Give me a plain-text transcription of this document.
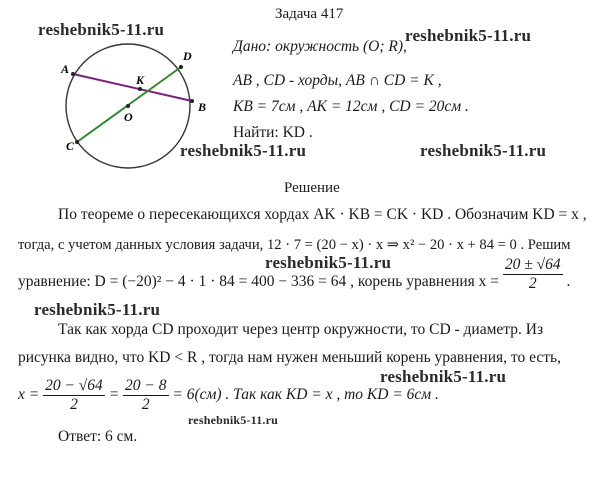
A
B
C
D
K
O
Задача 417
Дано: окружность (O; R),
AB , CD - хорды, AB ∩ CD = K ,
KB = 7см , AK = 12см , CD = 20см .
Найти: KD .
Решение
По теореме о пересекающихся хордах AK · KB = CK · KD . Обозначим KD = x ,
тогда, с учетом данных условия задачи, 12 · 7 = (20 − x) · x ⇒ x² − 20 · x + 84 = 0 . Решим
уравнение: D = (−20)² − 4 · 1 · 84 = 400 − 336 = 64 , корень уравнения $x = \frac{20 \pm √64}{2}$ .
Так как хорда CD проходит через центр окружности, то CD - диаметр. Из
рисунка видно, что KD < R , тогда нам нужен меньший корень уравнения, то есть,
$x = \frac{20 - √64}{2} = \frac{20 - 8}{2} = 6(см)$ . Так как KD = x , то KD = 6см .
Ответ: 6 см.
reshebnik5-11.ru	reshebnik5-11.ru
reshebnik5-11.ru	reshebnik5-11.ru
reshebnik5-11.ru
reshebnik5-11.ru
reshebnik5-11.ru
reshebnik5-11.ru
